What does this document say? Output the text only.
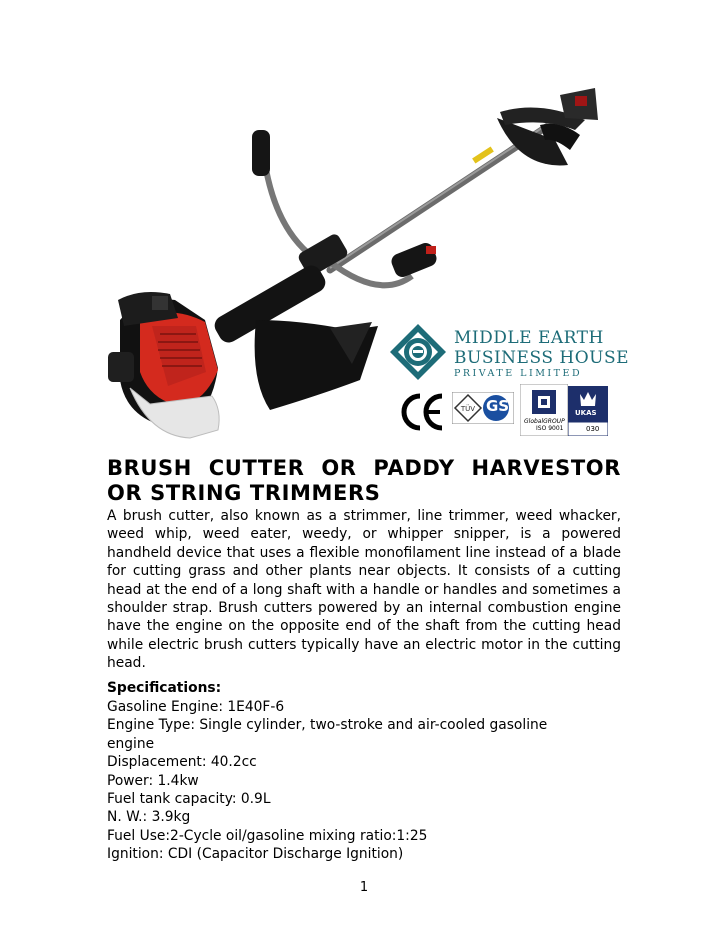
MIDDLE EARTH
BUSINESS HOUSE
PRIVATE LIMITED
TÜV GS
GlobalGROUP
ISO 9001
UKAS
030
BRUSH CUTTER OR PADDY HARVESTOR OR STRING TRIMMERS

A brush cutter, also known as a strimmer, line trimmer, weed whacker, weed whip, weed eater, weedy, or whipper snipper, is a powered handheld device that uses a flexible monofilament line instead of a blade for cutting grass and other plants near objects. It consists of a cutting head at the end of a long shaft with a handle or handles and sometimes a shoulder strap. Brush cutters powered by an internal combustion engine have the engine on the opposite end of the shaft from the cutting head while electric brush cutters typically have an electric motor in the cutting head.

Specifications:

Gasoline Engine: 1E40F-6
Engine Type: Single cylinder, two-stroke and air-cooled gasoline engine
Displacement: 40.2cc
Power: 1.4kw
Fuel tank capacity: 0.9L
N. W.: 3.9kg
Fuel Use:2-Cycle oil/gasoline mixing ratio:1:25
Ignition: CDI (Capacitor Discharge Ignition)
1
